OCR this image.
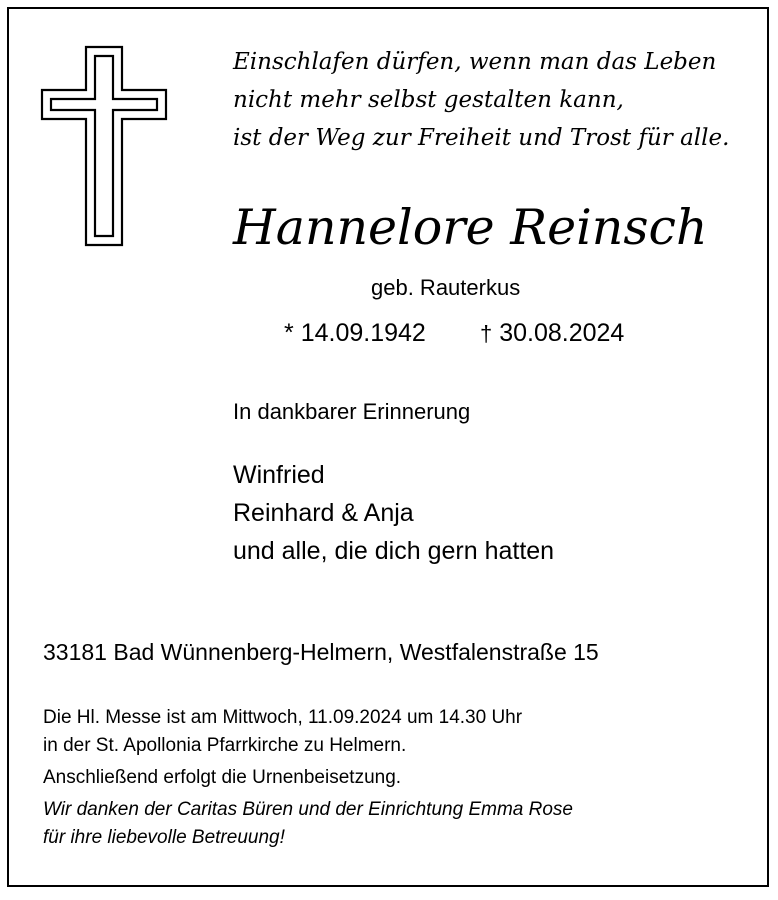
Einschlafen dürfen, wenn man das Leben
nicht mehr selbst gestalten kann,
ist der Weg zur Freiheit und Trost für alle.
Hannelore Reinsch
geb. Rauterkus
* 14.09.1942 † 30.08.2024
In dankbarer Erinnerung
Winfried
Reinhard & Anja
und alle, die dich gern hatten
33181 Bad Wünnenberg-Helmern, Westfalenstraße 15
Die Hl. Messe ist am Mittwoch, 11.09.2024 um 14.30 Uhr
in der St. Apollonia Pfarrkirche zu Helmern.
Anschließend erfolgt die Urnenbeisetzung.
Wir danken der Caritas Büren und der Einrichtung Emma Rose
für ihre liebevolle Betreuung!
